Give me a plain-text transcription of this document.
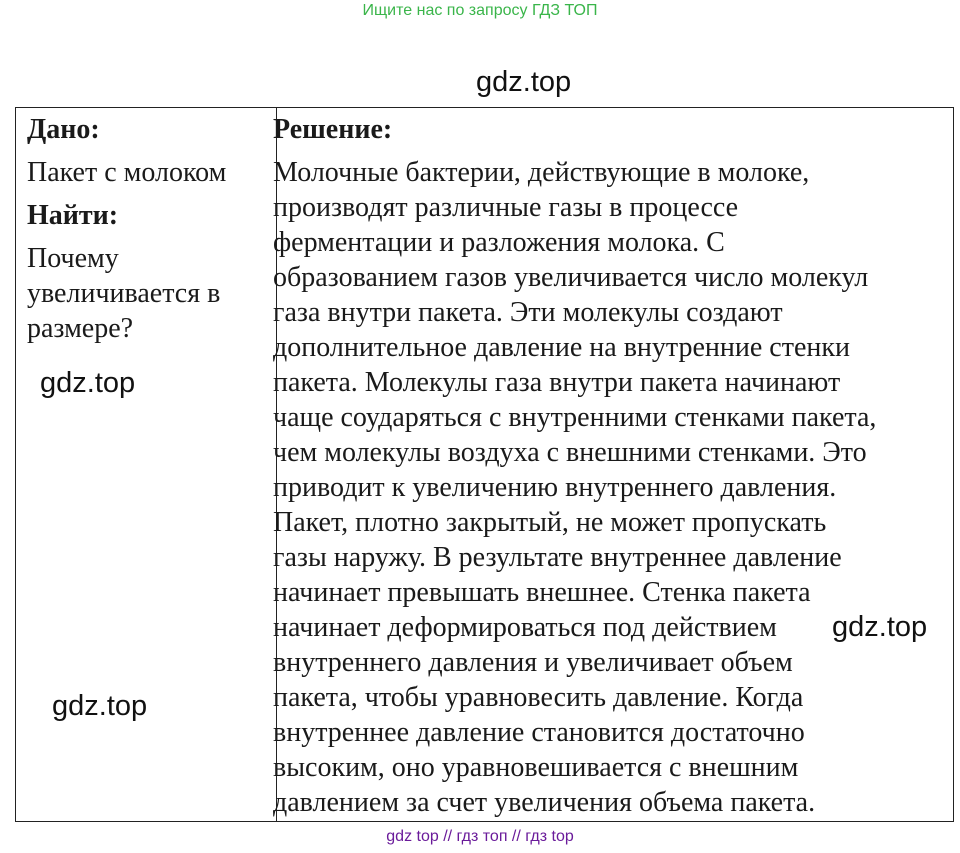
Ищите нас по запросу ГДЗ ТОП
gdz.top
Дано:
Пакет с молоком
Найти:
Почему увеличивается в размере?
Решение:
Молочные бактерии, действующие в молоке,
производят различные газы в процессе
ферментации и разложения молока. С
образованием газов увеличивается число молекул
газа внутри пакета. Эти молекулы создают
дополнительное давление на внутренние стенки
пакета. Молекулы газа внутри пакета начинают
чаще соударяться с внутренними стенками пакета,
чем молекулы воздуха с внешними стенками. Это
приводит к увеличению внутреннего давления.
Пакет, плотно закрытый, не может пропускать
газы наружу. В результате внутреннее давление
начинает превышать внешнее. Стенка пакета
начинает деформироваться под действием
внутреннего давления и увеличивает объем
пакета, чтобы уравновесить давление. Когда
внутреннее давление становится достаточно
высоким, оно уравновешивается с внешним
давлением за счет увеличения объема пакета.
gdz.top
gdz.top
gdz.top
gdz top // гдз топ // гдз top
